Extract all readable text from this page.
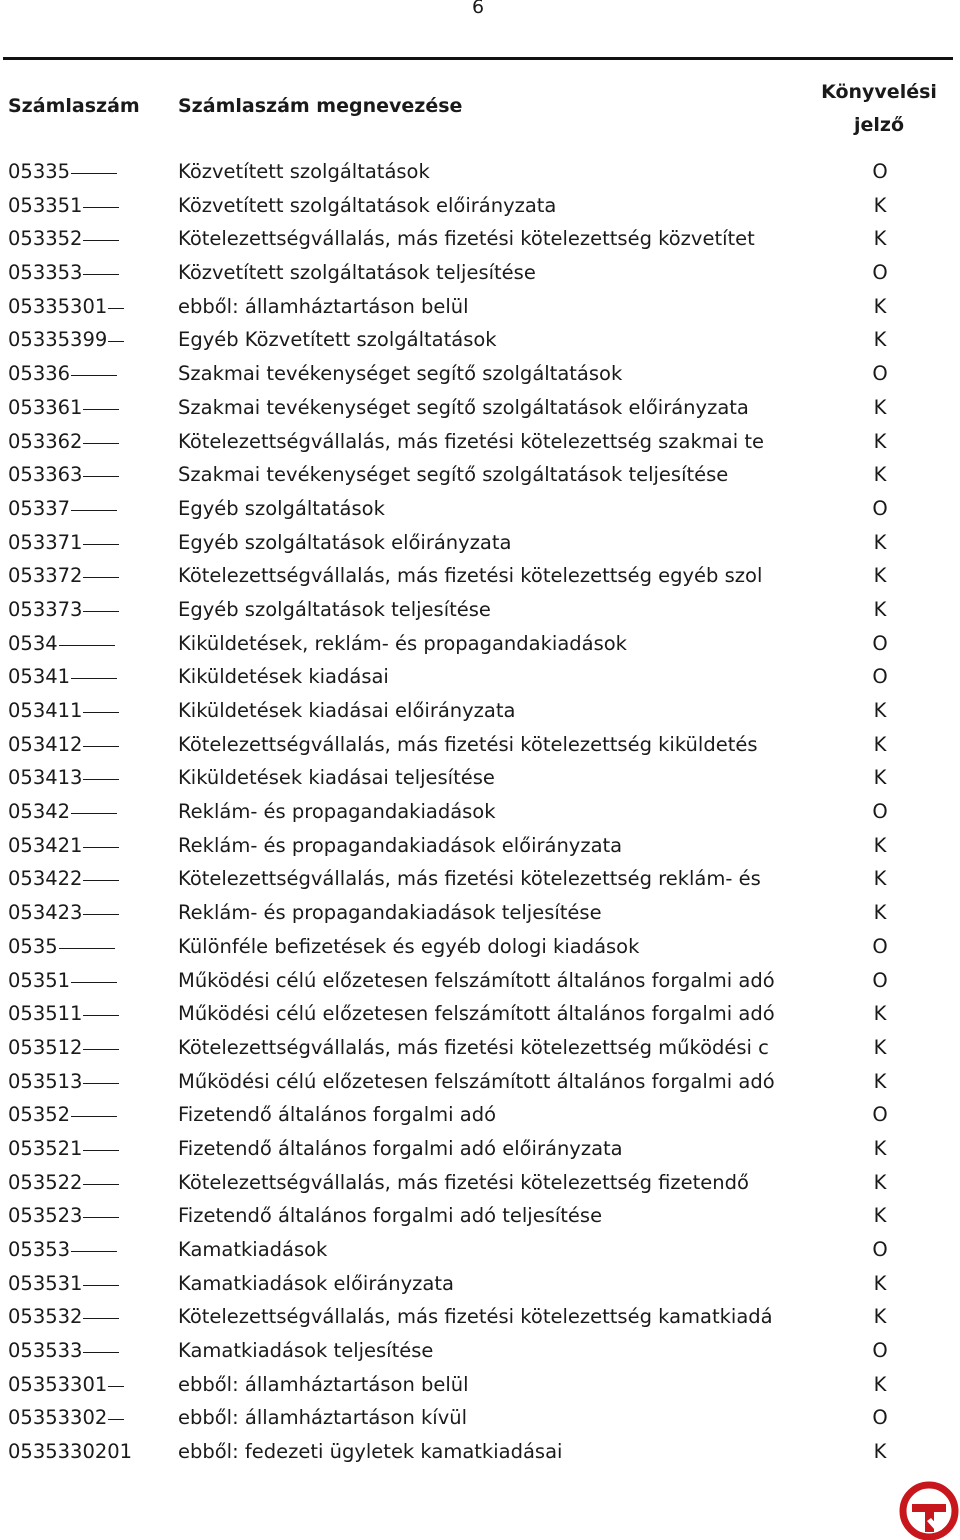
6
Számlaszám Számlaszám megnevezése
Könyvelési
jelző
05335	Közvetített szolgáltatások	O
053351	Közvetített szolgáltatások előirányzata	K
053352	Kötelezettségvállalás, más fizetési kötelezettség közvetítet	K
053353	Közvetített szolgáltatások teljesítése	O
05335301	ebből: államháztartáson belül	K
05335399	Egyéb Közvetített szolgáltatások	K
05336	Szakmai tevékenységet segítő szolgáltatások	O
053361	Szakmai tevékenységet segítő szolgáltatások előirányzata	K
053362	Kötelezettségvállalás, más fizetési kötelezettség szakmai te	K
053363	Szakmai tevékenységet segítő szolgáltatások teljesítése	K
05337	Egyéb szolgáltatások	O
053371	Egyéb szolgáltatások előirányzata	K
053372	Kötelezettségvállalás, más fizetési kötelezettség egyéb szol	K
053373	Egyéb szolgáltatások teljesítése	K
0534	Kiküldetések, reklám- és propagandakiadások	O
05341	Kiküldetések kiadásai	O
053411	Kiküldetések kiadásai előirányzata	K
053412	Kötelezettségvállalás, más fizetési kötelezettség kiküldetés	K
053413	Kiküldetések kiadásai teljesítése	K
05342	Reklám- és propagandakiadások	O
053421	Reklám- és propagandakiadások előirányzata	K
053422	Kötelezettségvállalás, más fizetési kötelezettség reklám- és	K
053423	Reklám- és propagandakiadások teljesítése	K
0535	Különféle befizetések és egyéb dologi kiadások	O
05351	Működési célú előzetesen felszámított általános forgalmi adó	O
053511	Működési célú előzetesen felszámított általános forgalmi adó	K
053512	Kötelezettségvállalás, más fizetési kötelezettség működési c	K
053513	Működési célú előzetesen felszámított általános forgalmi adó	K
05352	Fizetendő általános forgalmi adó	O
053521	Fizetendő általános forgalmi adó előirányzata	K
053522	Kötelezettségvállalás, más fizetési kötelezettség fizetendő	K
053523	Fizetendő általános forgalmi adó teljesítése	K
05353	Kamatkiadások	O
053531	Kamatkiadások előirányzata	K
053532	Kötelezettségvállalás, más fizetési kötelezettség kamatkiadá	K
053533	Kamatkiadások teljesítése	O
05353301	ebből: államháztartáson belül	K
05353302	ebből: államháztartáson kívül	O
0535330201 ebből: fedezeti ügyletek kamatkiadásai	K
